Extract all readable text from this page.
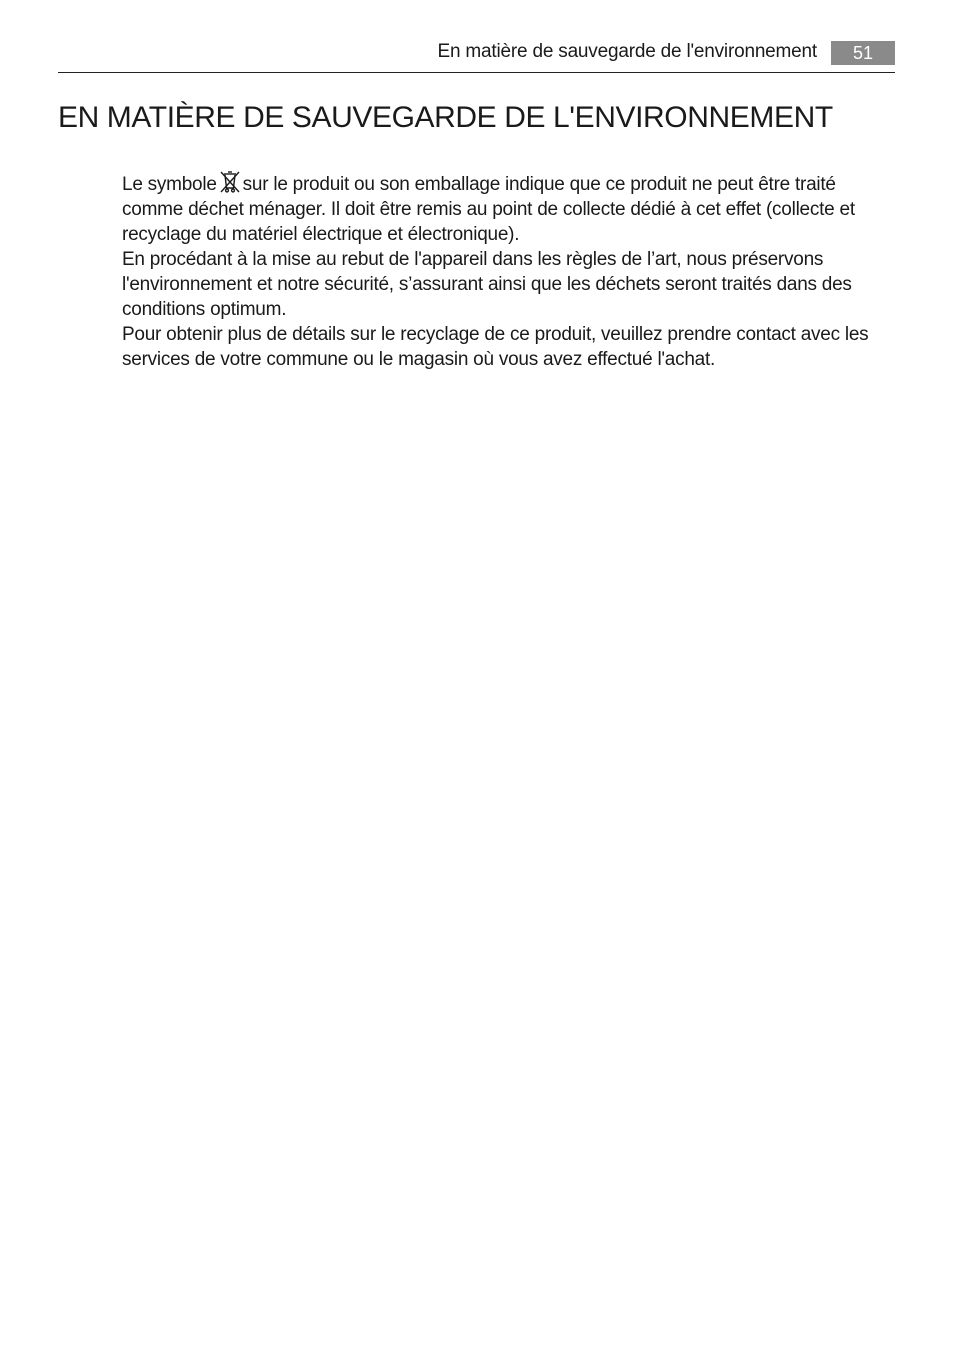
En matière de sauvegarde de l'environnement	51
EN MATIÈRE DE SAUVEGARDE DE L'ENVIRONNEMENT

Le symbole sur le produit ou son emballage indique que ce produit ne peut être traité comme déchet ménager. Il doit être remis au point de collecte dédié à cet effet (collecte et recyclage du matériel électrique et électronique).

En procédant à la mise au rebut de l'appareil dans les règles de l’art, nous préservons l'environnement et notre sécurité, s’assurant ainsi que les déchets seront traités dans des conditions optimum.

Pour obtenir plus de détails sur le recyclage de ce produit, veuillez prendre contact avec les services de votre commune ou le magasin où vous avez effectué l'achat.
